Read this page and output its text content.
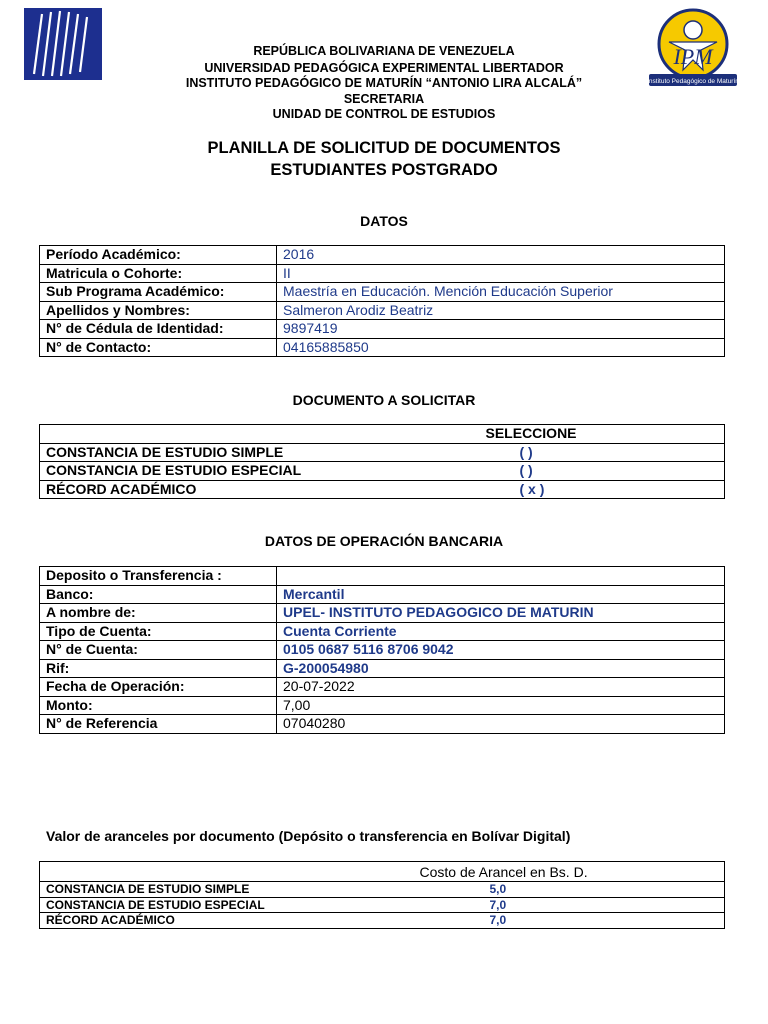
IPM
Instituto Pedagógico de Maturín
REPÚBLICA BOLIVARIANA DE VENEZUELA
UNIVERSIDAD PEDAGÓGICA EXPERIMENTAL LIBERTADOR
INSTITUTO PEDAGÓGICO DE MATURÍN “ANTONIO LIRA ALCALÁ”
SECRETARIA
UNIDAD DE CONTROL DE ESTUDIOS
PLANILLA DE SOLICITUD DE DOCUMENTOS
ESTUDIANTES POSTGRADO
DATOS
Período Académico:	2016
Matricula o Cohorte:	II
Sub Programa Académico:	Maestría en Educación. Mención Educación Superior
Apellidos y Nombres:	Salmeron Arodiz Beatriz
N° de Cédula de Identidad:	9897419
N° de Contacto:	04165885850
DOCUMENTO A SOLICITAR
	SELECCIONE
CONSTANCIA DE ESTUDIO SIMPLE	( )
CONSTANCIA DE ESTUDIO ESPECIAL	( )
RÉCORD ACADÉMICO	( x )
DATOS DE OPERACIÓN BANCARIA
Deposito o Transferencia :	
Banco:	Mercantil
A nombre de:	UPEL- INSTITUTO PEDAGOGICO DE MATURIN
Tipo de Cuenta:	Cuenta Corriente
N° de Cuenta:	0105 0687 5116 8706 9042
Rif:	G-200054980
Fecha de Operación:	20-07-2022
Monto:	7,00
N° de Referencia	07040280
Valor de aranceles por documento (Depósito o transferencia en Bolívar Digital)
	Costo de Arancel en Bs. D.
CONSTANCIA DE ESTUDIO SIMPLE	5,0
CONSTANCIA DE ESTUDIO ESPECIAL	7,0
RÉCORD ACADÉMICO	7,0
